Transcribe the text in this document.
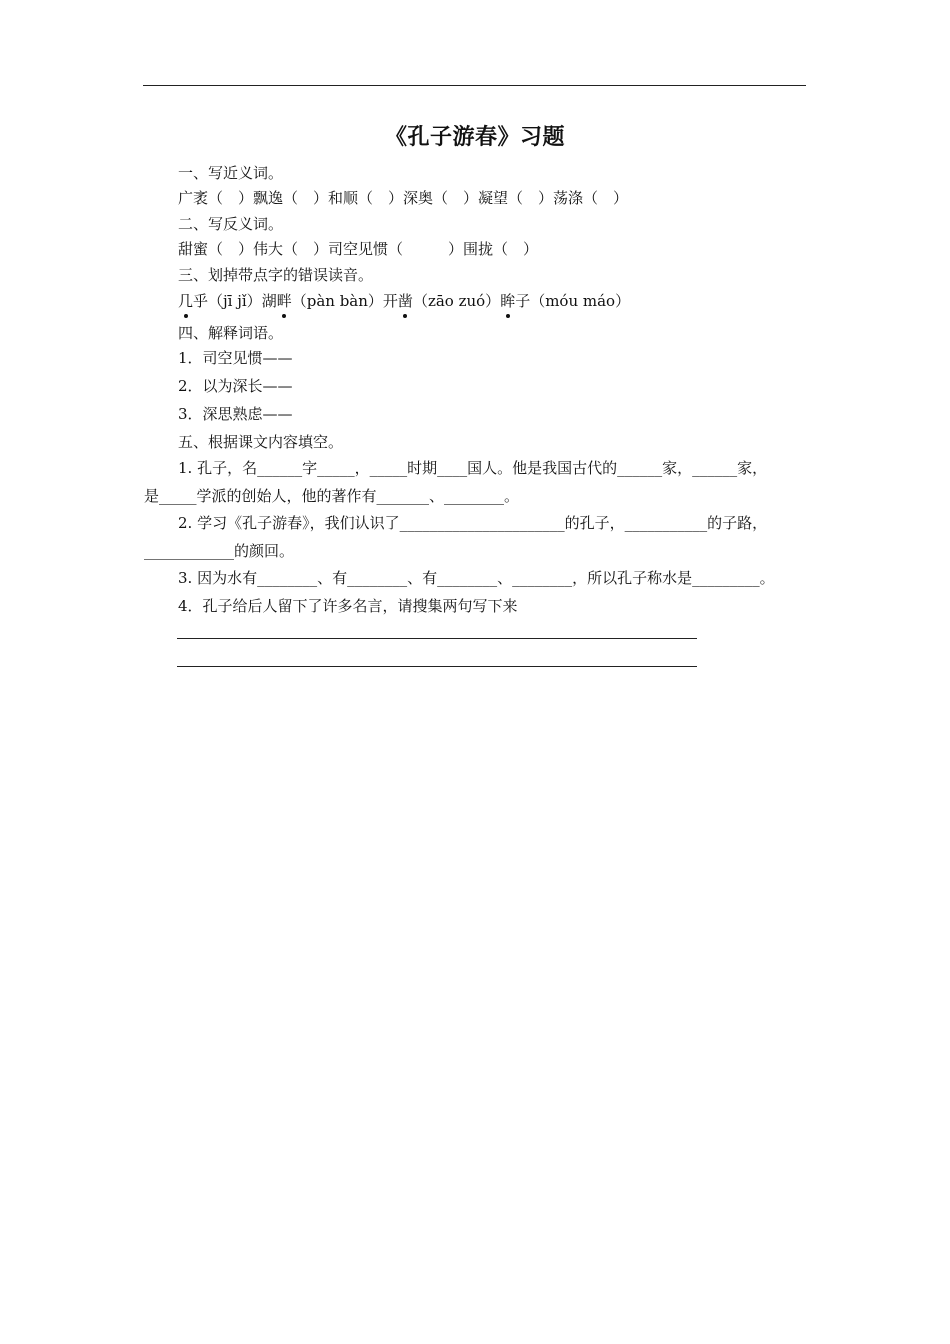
《孔子游春》习题
一、写近义词。
广袤（　）飘逸（　）和顺（　）深奥（　）凝望（　）荡涤（　）
二、写反义词。
甜蜜（　）伟大（　）司空见惯（　　　）围拢（　）
三、划掉带点字的错误读音。
几乎（jī jǐ）湖畔（pàn bàn）开凿（zāo zuó）眸子（móu máo）
四、解释词语。
1．司空见惯——
2．以为深长——
3．深思熟虑——
五、根据课文内容填空。
1. 孔子，名______字_____，_____时期____国人。他是我国古代的______家，______家，
是_____学派的创始人，他的著作有_______、________。
2. 学习《孔子游春》，我们认识了______________________的孔子，___________的子路，
____________的颜回。
3. 因为水有________、有________、有________、________，所以孔子称水是_________。
4．孔子给后人留下了许多名言，请搜集两句写下来
